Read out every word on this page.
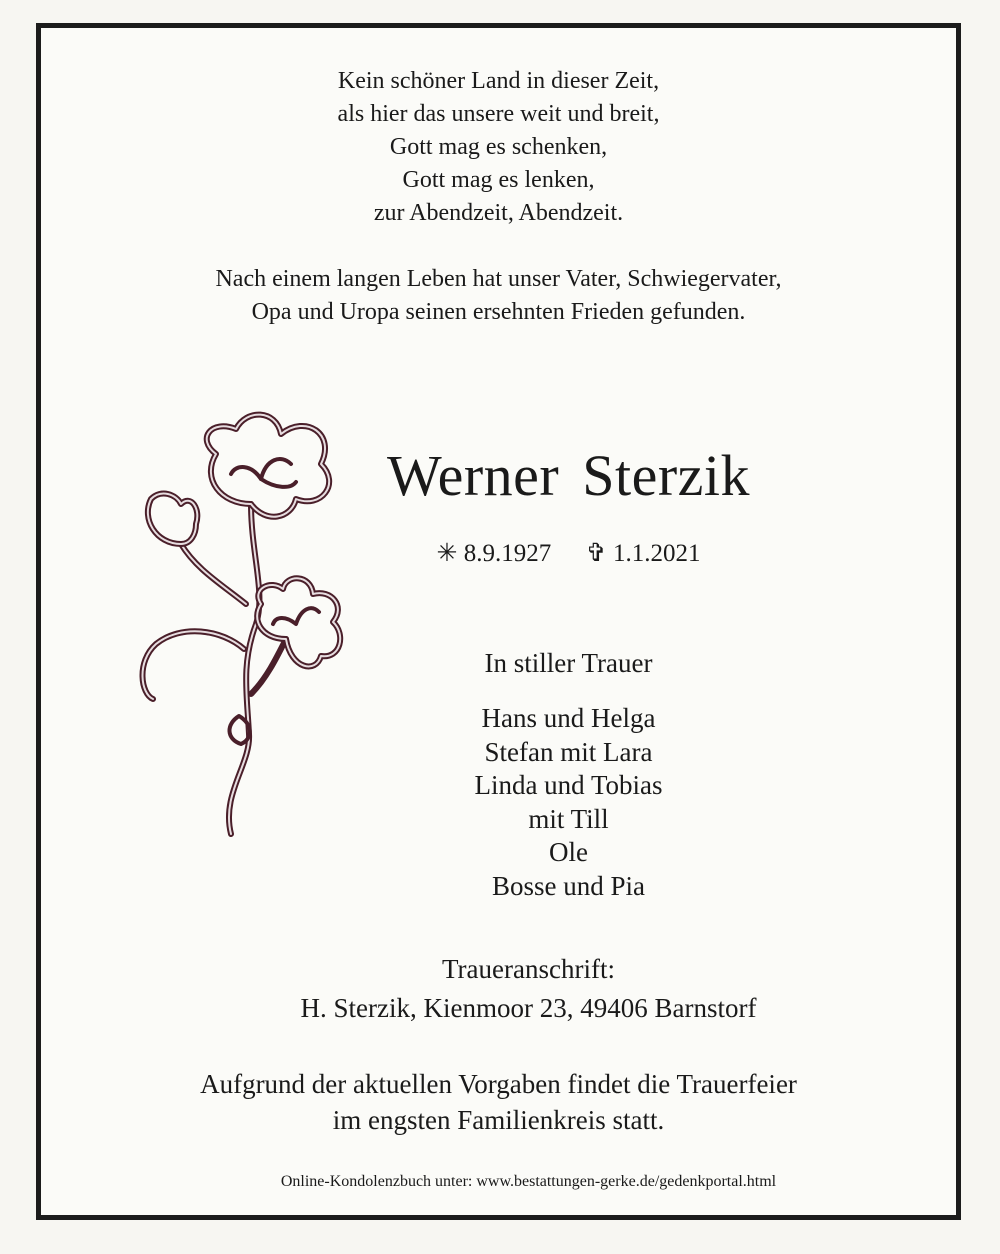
Kein schöner Land in dieser Zeit,
als hier das unsere weit und breit,
Gott mag es schenken,
Gott mag es lenken,
zur Abendzeit, Abendzeit.
Nach einem langen Leben hat unser Vater, Schwiegervater,
Opa und Uropa seinen ersehnten Frieden gefunden.
Werner Sterzik
✳ 8.9.1927 ✞ 1.1.2021
In stiller Trauer
Hans und Helga
Stefan mit Lara
Linda und Tobias
mit Till
Ole
Bosse und Pia
Traueranschrift:
H. Sterzik, Kienmoor 23, 49406 Barnstorf
Aufgrund der aktuellen Vorgaben findet die Trauerfeier
im engsten Familienkreis statt.
Online-Kondolenzbuch unter: www.bestattungen-gerke.de/gedenkportal.html
